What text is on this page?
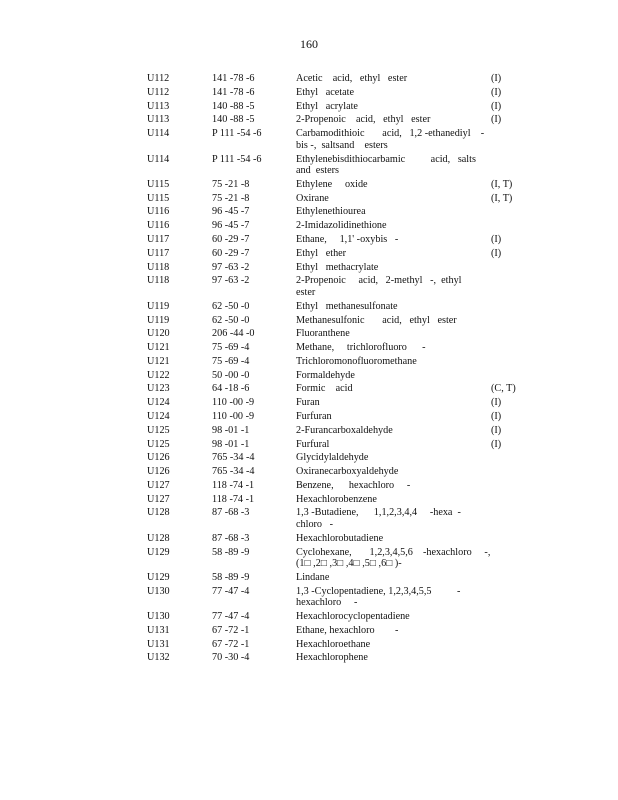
160
U112	141 -78 -6	Acetic    acid,   ethyl   ester	(I)
U112	141 -78 -6	Ethyl   acetate	(I)
U113	140 -88 -5	Ethyl   acrylate	(I)
U113	140 -88 -5	2-Propenoic    acid,   ethyl   ester	(I)
U114	P 111 -54 -6	Carbamodithioic       acid,   1,2 -ethanediyl    -
bis -,  saltsand    esters
U114	P 111 -54 -6	Ethylenebisdithiocarbamic          acid,   salts
and  esters
U115	75 -21 -8	Ethylene     oxide	(I, T)
U115	75 -21 -8	Oxirane	(I, T)
U116	96 -45 -7	Ethylenethiourea
U116	96 -45 -7	2-Imidazolidinethione
U117	60 -29 -7	Ethane,     1,1' -oxybis   -	(I)
U117	60 -29 -7	Ethyl   ether	(I)
U118	97 -63 -2	Ethyl   methacrylate
U118	97 -63 -2	2-Propenoic     acid,   2-methyl   -,  ethyl
ester
U119	62 -50 -0	Ethyl   methanesulfonate
U119	62 -50 -0	Methanesulfonic       acid,   ethyl   ester
U120	206 -44 -0	Fluoranthene
U121	75 -69 -4	Methane,     trichlorofluoro      -
U121	75 -69 -4	Trichloromonofluoromethane
U122	50 -00 -0	Formaldehyde
U123	64 -18 -6	Formic    acid	(C, T)
U124	110 -00 -9	Furan	(I)
U124	110 -00 -9	Furfuran	(I)
U125	98 -01 -1	2-Furancarboxaldehyde	(I)
U125	98 -01 -1	Furfural	(I)
U126	765 -34 -4	Glycidylaldehyde
U126	765 -34 -4	Oxiranecarboxyaldehyde
U127	118 -74 -1	Benzene,      hexachloro     -
U127	118 -74 -1	Hexachlorobenzene
U128	87 -68 -3	1,3 -Butadiene,      1,1,2,3,4,4     -hexa  -
chloro   -
U128	87 -68 -3	Hexachlorobutadiene
U129	58 -89 -9	Cyclohexane,       1,2,3,4,5,6    -hexachloro     -,
(1□ ,2□ ,3□ ,4□ ,5□ ,6□ )-
U129	58 -89 -9	Lindane
U130	77 -47 -4	1,3 -Cyclopentadiene, 1,2,3,4,5,5          -
hexachloro     -
U130	77 -47 -4	Hexachlorocyclopentadiene
U131	67 -72 -1	Ethane, hexachloro        -
U131	67 -72 -1	Hexachloroethane
U132	70 -30 -4	Hexachlorophene
